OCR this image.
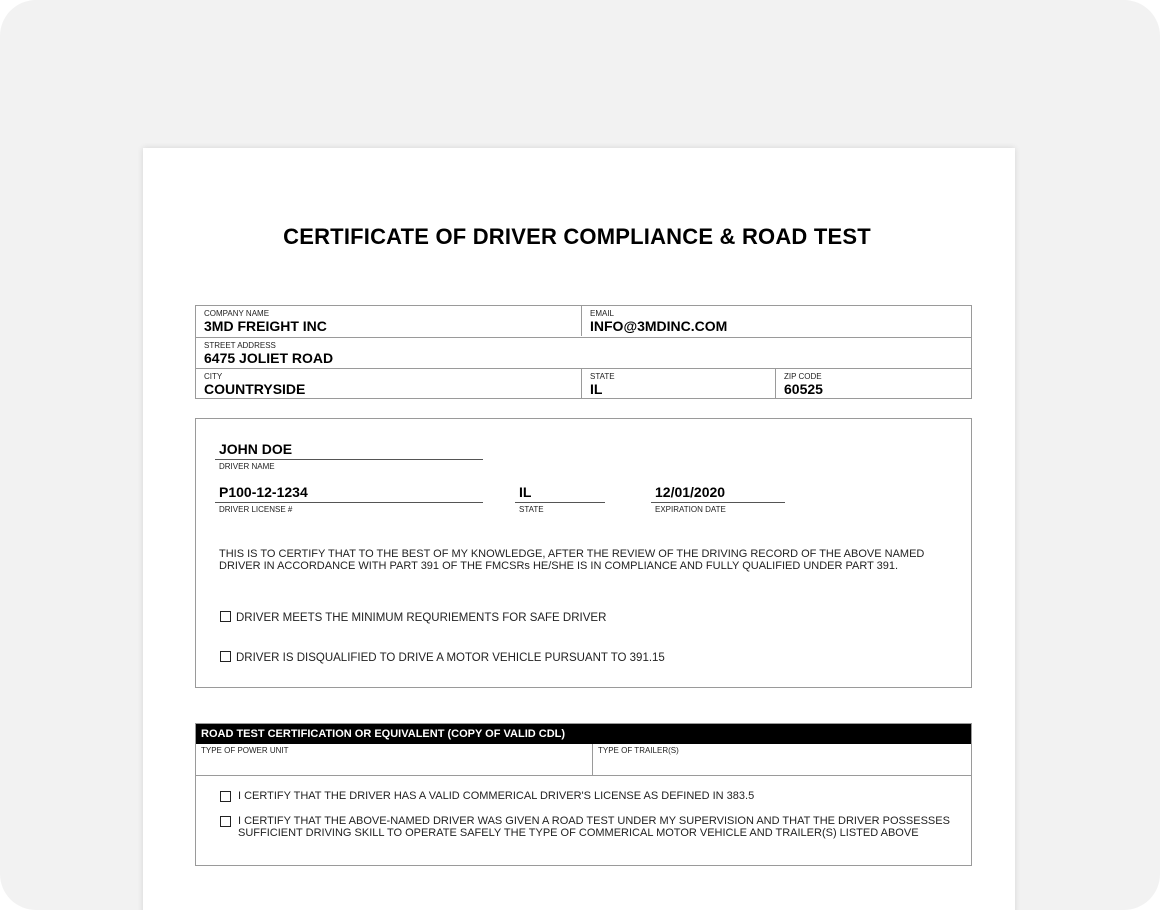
CERTIFICATE OF DRIVER COMPLIANCE & ROAD TEST
COMPANY NAME
3MD FREIGHT INC
EMAIL
INFO@3MDINC.COM
STREET ADDRESS
6475 JOLIET ROAD
CITY
COUNTRYSIDE
STATE
IL
ZIP CODE
60525
JOHN DOE
DRIVER NAME
P100-12-1234
DRIVER LICENSE #
IL
STATE
12/01/2020
EXPIRATION DATE
THIS IS TO CERTIFY THAT TO THE BEST OF MY KNOWLEDGE, AFTER THE REVIEW OF THE DRIVING RECORD OF THE ABOVE NAMED DRIVER IN ACCORDANCE WITH PART 391 OF THE FMCSRs HE/SHE IS IN COMPLIANCE AND FULLY QUALIFIED UNDER PART 391.
DRIVER MEETS THE MINIMUM REQURIEMENTS FOR SAFE DRIVER
DRIVER IS DISQUALIFIED TO DRIVE A MOTOR VEHICLE PURSUANT TO 391.15
ROAD TEST CERTIFICATION OR EQUIVALENT (COPY OF VALID CDL)
TYPE OF POWER UNIT	TYPE OF TRAILER(S)
I CERTIFY THAT THE DRIVER HAS A VALID COMMERICAL DRIVER'S LICENSE AS DEFINED IN 383.5
I CERTIFY THAT THE ABOVE-NAMED DRIVER WAS GIVEN A ROAD TEST UNDER MY SUPERVISION AND THAT THE DRIVER POSSESSES SUFFICIENT DRIVING SKILL TO OPERATE SAFELY THE TYPE OF COMMERICAL MOTOR VEHICLE AND TRAILER(S) LISTED ABOVE
